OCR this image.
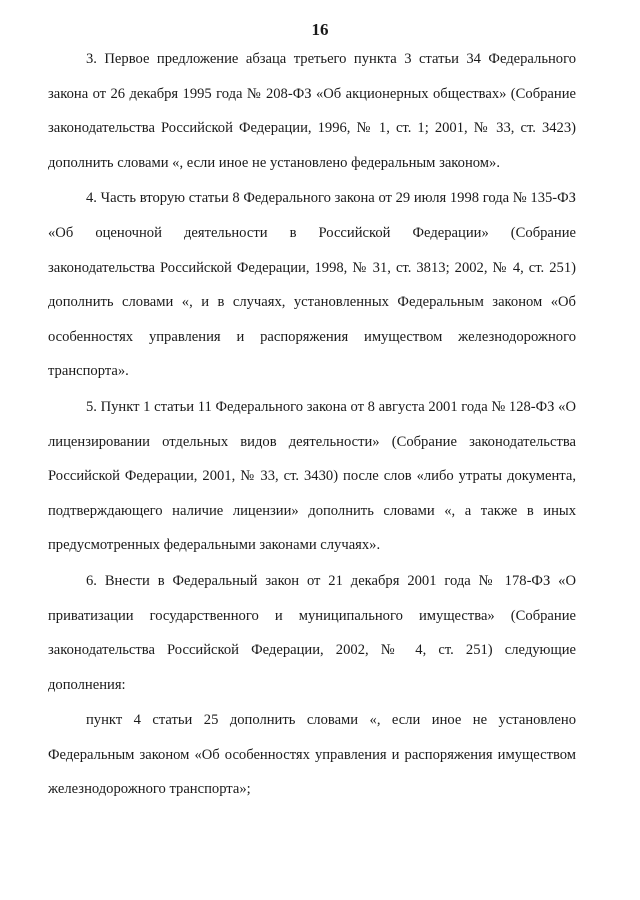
16

3. Первое предложение абзаца третьего пункта 3 статьи 34 Федерального закона от 26 декабря 1995 года № 208-ФЗ «Об акционерных обществах» (Собрание законодательства Российской Федерации, 1996, № 1, ст. 1; 2001, № 33, ст. 3423) дополнить словами «, если иное не установлено федеральным законом».

4. Часть вторую статьи 8 Федерального закона от 29 июля 1998 года № 135-ФЗ «Об оценочной деятельности в Российской Федерации» (Собрание законодательства Российской Федерации, 1998, № 31, ст. 3813; 2002, № 4, ст. 251) дополнить словами «, и в случаях, установленных Федеральным законом «Об особенностях управления и распоряжения имуществом железнодорожного транспорта».

5. Пункт 1 статьи 11 Федерального закона от 8 августа 2001 года № 128-ФЗ «О лицензировании отдельных видов деятельности» (Собрание законодательства Российской Федерации, 2001, № 33, ст. 3430) после слов «либо утраты документа, подтверждающего наличие лицензии» дополнить словами «, а также в иных предусмотренных федеральными законами случаях».

6. Внести в Федеральный закон от 21 декабря 2001 года № 178-ФЗ «О приватизации государственного и муниципального имущества» (Собрание законодательства Российской Федерации, 2002, № 4, ст. 251) следующие дополнения:

пункт 4 статьи 25 дополнить словами «, если иное не установлено Федеральным законом «Об особенностях управления и распоряжения имуществом железнодорожного транспорта»;
